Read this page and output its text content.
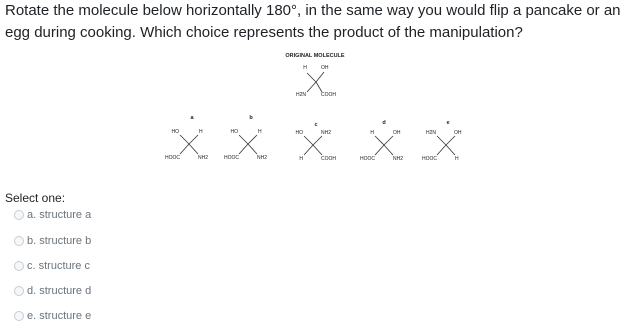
Rotate the molecule below horizontally 180°, in the same way you would flip a pancake or an egg during cooking. Which choice represents the product of the manipulation?
ORIGINAL MOLECULE
H	OH
H2N	COOH
a
HO	H
HOOC	NH2
b
HO	H
HOOC	NH2
c
HO	NH2
H	COOH
d
H	OH
HOOC	NH2
e
H2N	OH
HOOC	H
Select one:
a. structure a
b. structure b
c. structure c
d. structure d
e. structure e
